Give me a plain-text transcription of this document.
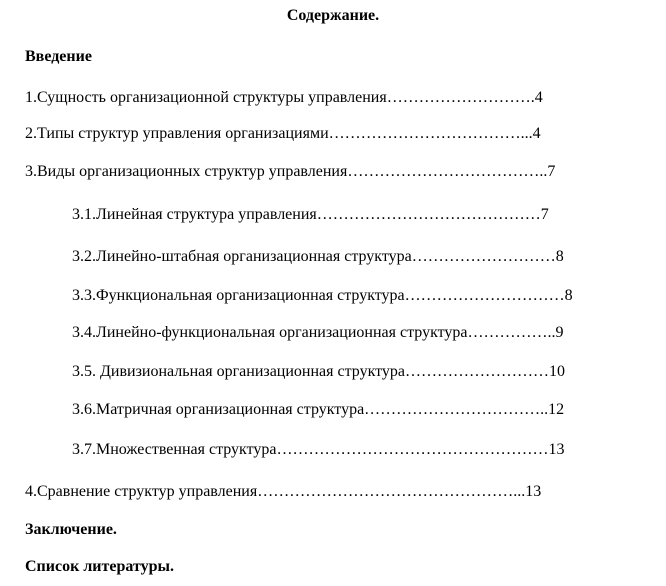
Содержание.
Введение
1.Сущность организационной структуры управления……………………….4
2.Типы структур управления организациями………………………………...4
3.Виды организационных структур управления………………………………..7
3.1.Линейная структура управления……………………………………7
3.2.Линейно-штабная организационная структура………………………8
3.3.Функциональная организационная структура…………………………8
3.4.Линейно-функциональная организационная структура……………..9
3.5. Дивизиональная организационная структура………………………10
3.6.Матричная организационная структура……………………………..12
3.7.Множественная структура……………………………………………13
4.Сравнение структур управления…………………………………………...13
Заключение.
Список литературы.
